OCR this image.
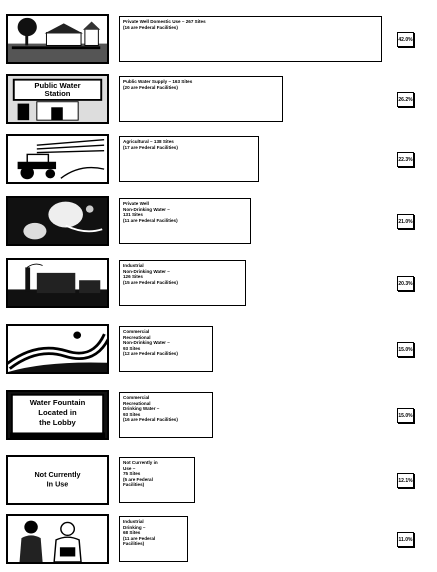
Private Well Domestic Use – 267 Sites
(16 are Federal Facilities)
42.0%
Public Water
Station
Public Water Supply – 163 Sites
(20 are Federal Facilities)
26.2%
Agricultural – 138 Sites
(17 are Federal Facilities)
22.3%
Private Well
Non-Drinking Water –
131 Sites
(11 are Federal Facilities)	21.0%
Industrial
Non-Drinking Water –
126 Sites
(15 are Federal Facilities)	20.3%
Commercial
Recreational
Non-Drinking Water –
93 Sites
(12 are Federal Facilities)
15.0%
Water Fountain
Located in
the Lobby
Commercial
Recreational
Drinking Water –
93 Sites
(16 are Federal Facilities)
15.0%
Not Currently
In Use
Not Currently in
Use –
75 Sites
(5 are Federal
Facilities)
12.1%
Industrial
Drinking –
68 Sites
(11 are Federal
Facilities)
11.0%
